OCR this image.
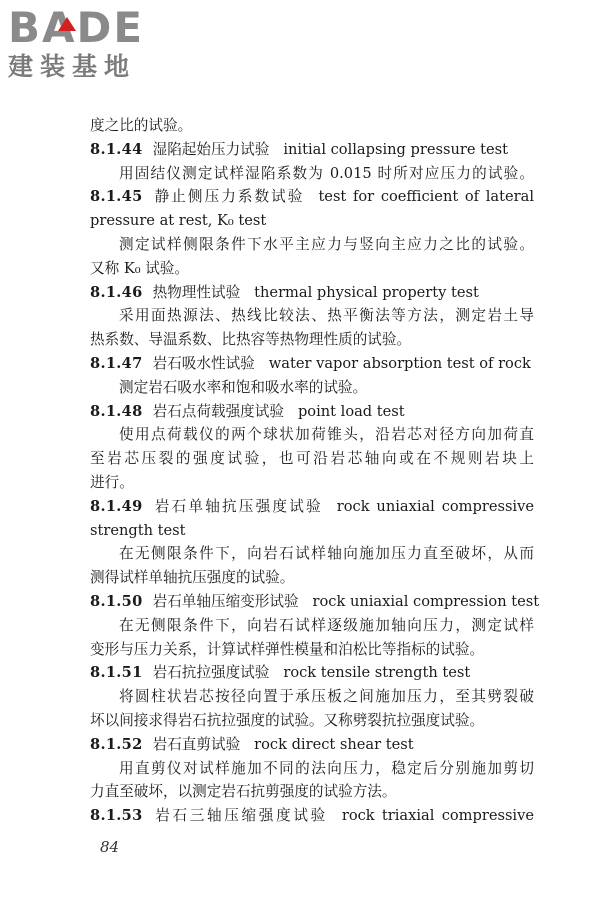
BADE
建装基地
度之比的试验。
8.1.44 湿陷起始压力试验 initial collapsing pressure test
用固结仪测定试样湿陷系数为 0.015 时所对应压力的试验。
8.1.45 静止侧压力系数试验 test for coefficient of lateral
pressure at rest, K₀ test
测定试样侧限条件下水平主应力与竖向主应力之比的试验。
又称 K₀ 试验。
8.1.46 热物理性试验 thermal physical property test
采用面热源法、热线比较法、热平衡法等方法，测定岩土导
热系数、导温系数、比热容等热物理性质的试验。
8.1.47 岩石吸水性试验 water vapor absorption test of rock
测定岩石吸水率和饱和吸水率的试验。
8.1.48 岩石点荷载强度试验 point load test
使用点荷载仪的两个球状加荷锥头，沿岩芯对径方向加荷直
至岩芯压裂的强度试验，也可沿岩芯轴向或在不规则岩块上
进行。
8.1.49 岩石单轴抗压强度试验 rock uniaxial compressive
strength test
在无侧限条件下，向岩石试样轴向施加压力直至破坏，从而
测得试样单轴抗压强度的试验。
8.1.50 岩石单轴压缩变形试验 rock uniaxial compression test
在无侧限条件下，向岩石试样逐级施加轴向压力，测定试样
变形与压力关系，计算试样弹性模量和泊松比等指标的试验。
8.1.51 岩石抗拉强度试验 rock tensile strength test
将圆柱状岩芯按径向置于承压板之间施加压力，至其劈裂破
坏以间接求得岩石抗拉强度的试验。又称劈裂抗拉强度试验。
8.1.52 岩石直剪试验 rock direct shear test
用直剪仪对试样施加不同的法向压力，稳定后分别施加剪切
力直至破坏，以测定岩石抗剪强度的试验方法。
8.1.53 岩石三轴压缩强度试验 rock triaxial compressive
84
